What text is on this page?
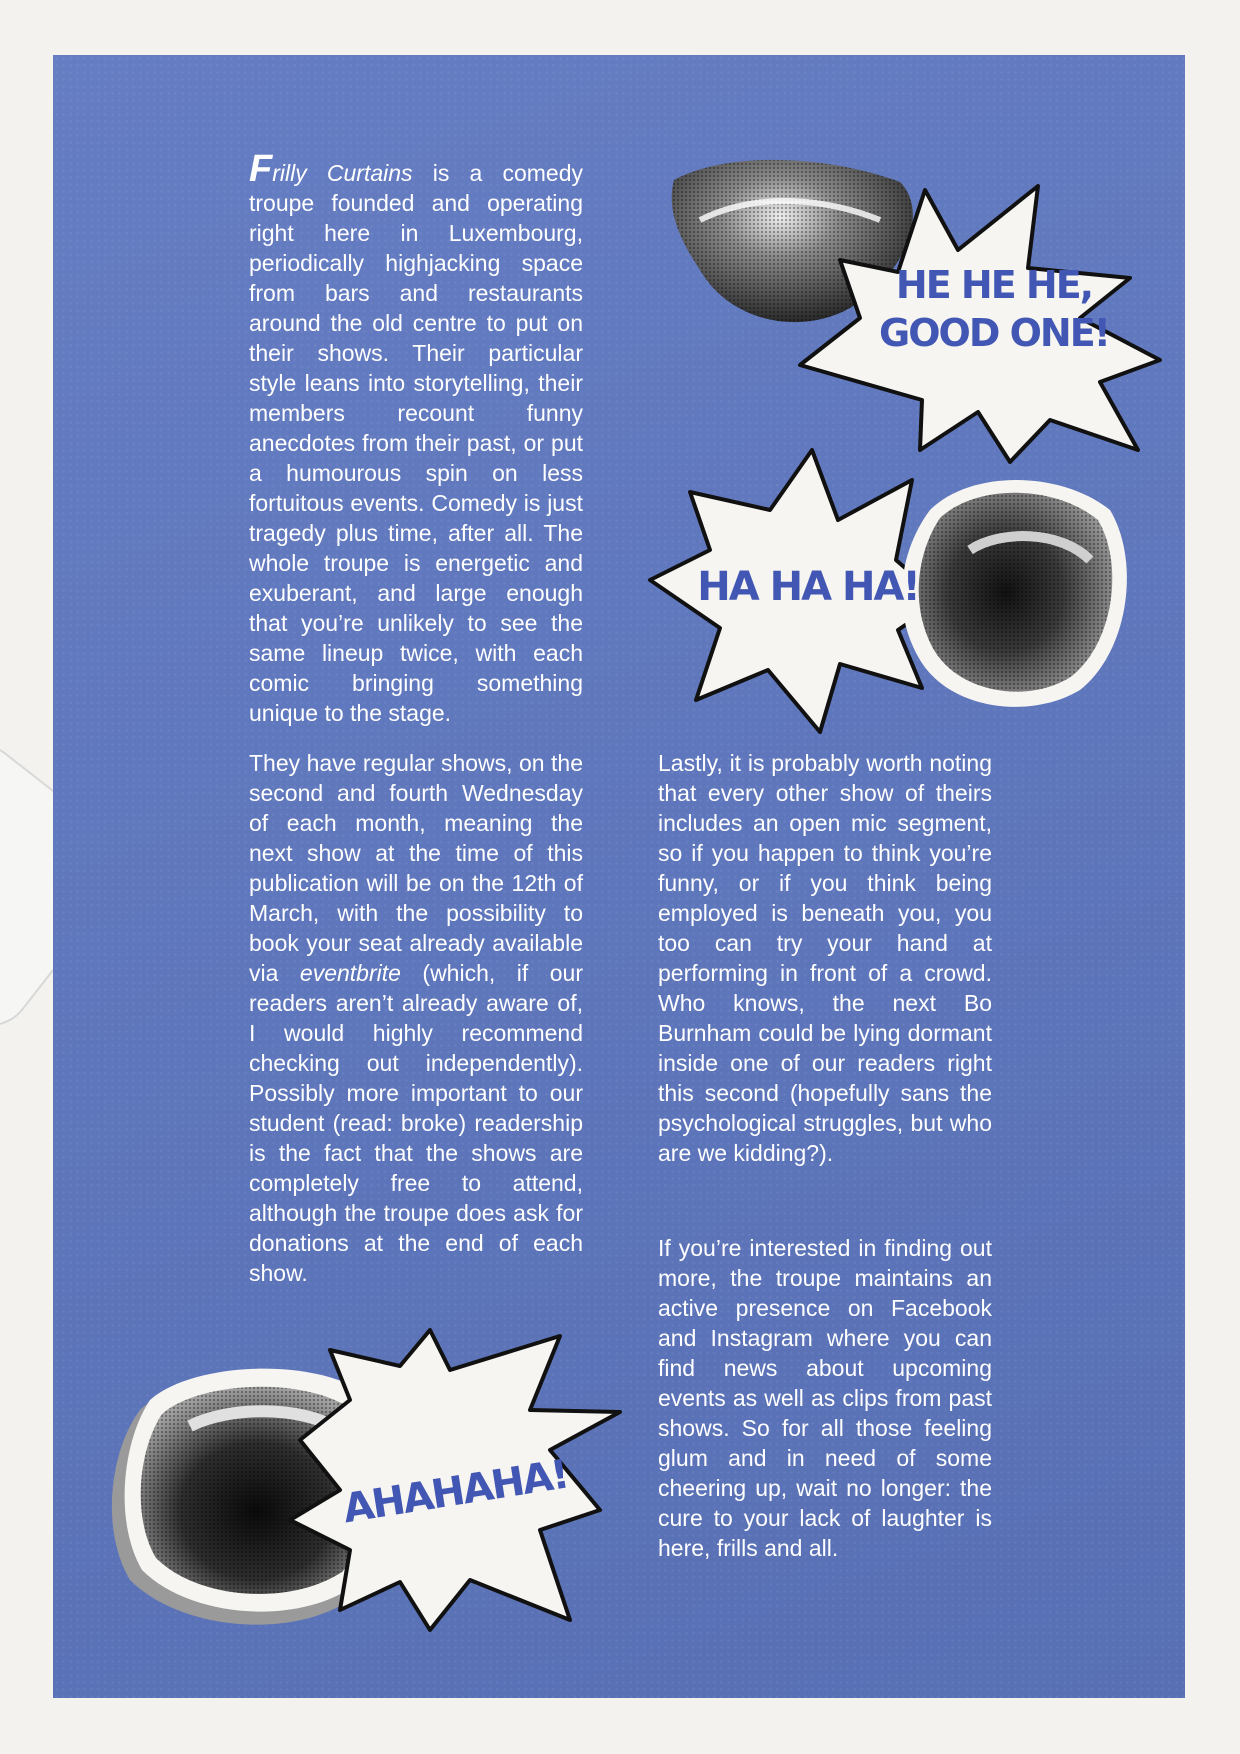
Frilly Curtains is a comedy troupe founded and operating right here in Luxembourg, periodically highjacking space from bars and restaurants around the old centre to put on their shows. Their particular style leans into storytelling, their members recount funny anecdotes from their past, or put a humourous spin on less fortuitous events. Comedy is just tragedy plus time, after all. The whole troupe is energetic and exuberant, and large enough that you’re unlikely to see the same lineup twice, with each comic bringing something unique to the stage.

They have regular shows, on the second and fourth Wednesday of each month, meaning the next show at the time of this publication will be on the 12th of March, with the possibility to book your seat already available via eventbrite (which, if our readers aren’t already aware of, I would highly recommend checking out independently). Possibly more important to our student (read: broke) readership is the fact that the shows are completely free to attend, although the troupe does ask for donations at the end of each show.

Lastly, it is probably worth noting that every other show of theirs includes an open mic segment, so if you happen to think you’re funny, or if you think being employed is beneath you, you too can try your hand at performing in front of a crowd. Who knows, the next Bo Burnham could be lying dormant inside one of our readers right this second (hopefully sans the psychological struggles, but who are we kidding?).

If you’re interested in finding out more, the troupe maintains an active presence on Facebook and Instagram where you can find news about upcoming events as well as clips from past shows. So for all those feeling glum and in need of some cheering up, wait no longer: the cure to your lack of laughter is here, frills and all.

HE HE HE,
GOOD ONE!
HA HA HA!
AHAHAHA!
